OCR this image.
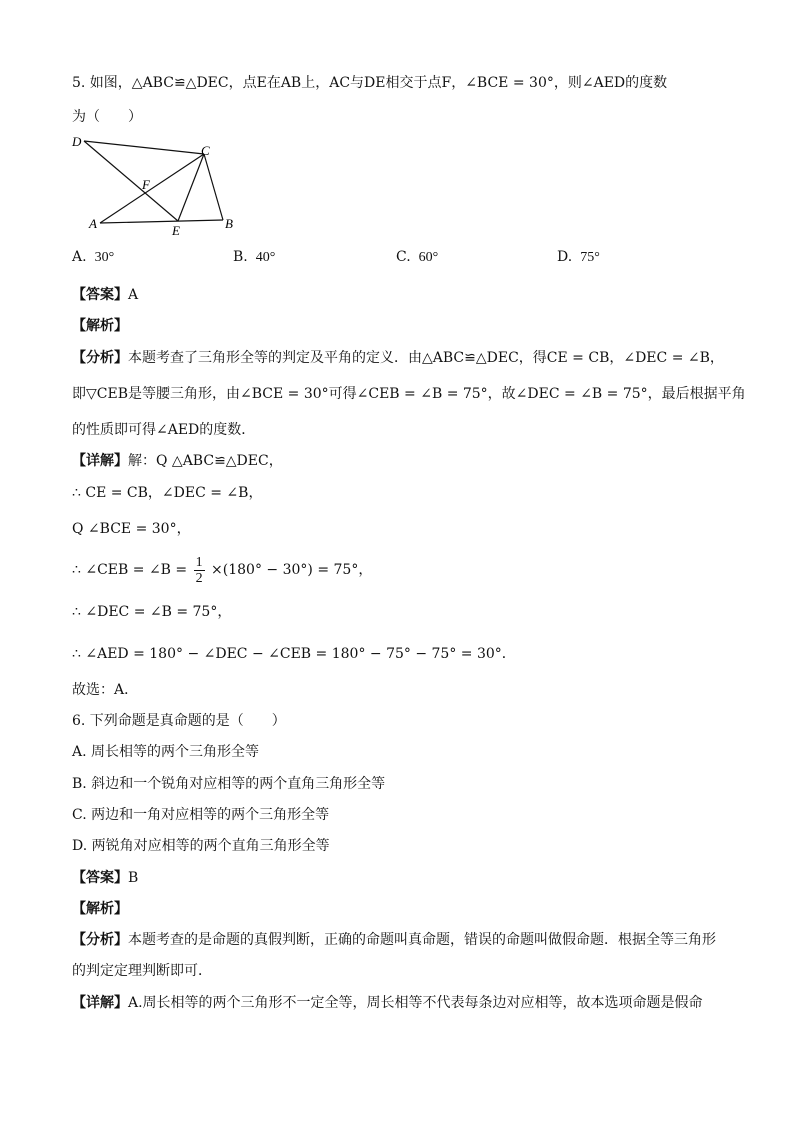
5. 如图，△ABC≌△DEC，点E在AB上，AC与DE相交于点F，∠BCE = 30°，则∠AED的度数
为（　　）
D
C
F
A	E	B
A. 30°	B. 40°	C. 60°	D. 75°
【答案】A
【解析】
【分析】本题考查了三角形全等的判定及平角的定义．由△ABC≌△DEC，得CE = CB，∠DEC = ∠B，
即▽CEB是等腰三角形，由∠BCE = 30°可得∠CEB = ∠B = 75°，故∠DEC = ∠B = 75°，最后根据平角
的性质即可得∠AED的度数．
【详解】解：Q △ABC≌△DEC，
∴ CE = CB，∠DEC = ∠B，
Q ∠BCE = 30°，
∴ ∠CEB = ∠B = $\frac{1}{2} \times(180^\circ - 30^\circ) = 75^\circ$，
∴ ∠DEC = ∠B = 75°，
∴ ∠AED = 180° − ∠DEC − ∠CEB = 180° − 75° − 75° = 30°．
故选：A．
6. 下列命题是真命题的是（　　）
A. 周长相等的两个三角形全等
B. 斜边和一个锐角对应相等的两个直角三角形全等
C. 两边和一角对应相等的两个三角形全等
D. 两锐角对应相等的两个直角三角形全等
【答案】B
【解析】
【分析】本题考查的是命题的真假判断，正确的命题叫真命题，错误的命题叫做假命题．根据全等三角形
的判定定理判断即可．
【详解】A.周长相等的两个三角形不一定全等，周长相等不代表每条边对应相等，故本选项命题是假命
